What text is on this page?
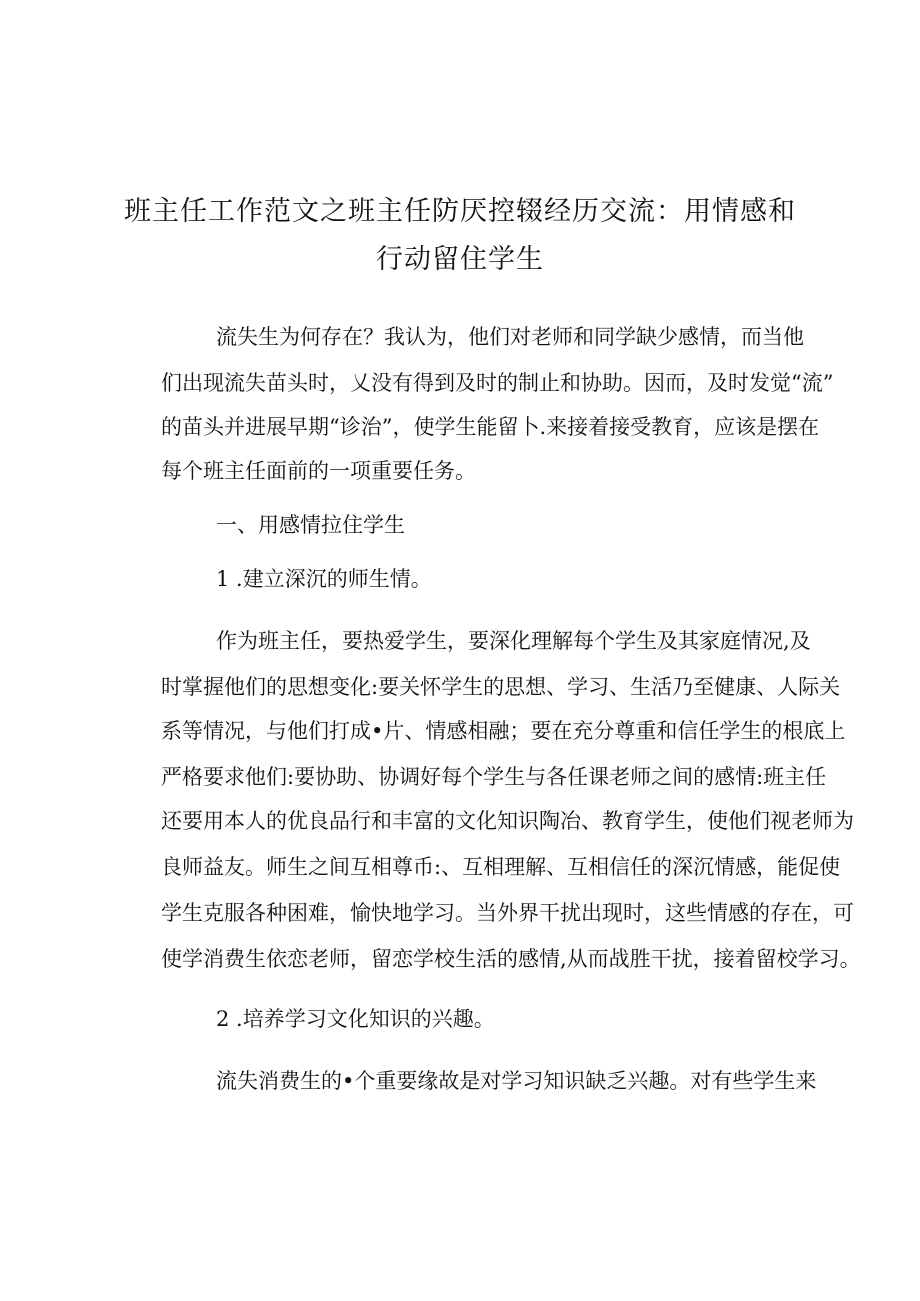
班主任工作范文之班主任防厌控辍经历交流：用情感和
行动留住学生

流失生为何存在？我认为，他们对老师和同学缺少感情，而当他

们出现流失苗头时，乂没有得到及时的制止和协助。因而，及时发觉“流”

的苗头并进展早期“诊治”，使学生能留卜.来接着接受教育，应该是摆在

每个班主任面前的一项重要任务。

一、用感情拉住学生

1 .建立深沉的师生情。

作为班主任，要热爱学生，要深化理解每个学生及其家庭情况,及

时掌握他们的思想变化:要关怀学生的思想、学习、生活乃至健康、人际关

系等情况，与他们打成•片、情感相融；要在充分尊重和信任学生的根底上

严格要求他们:要协助、协调好每个学生与各任课老师之间的感情:班主任

还要用本人的优良品行和丰富的文化知识陶冶、教育学生，使他们视老师为

良师益友。师生之间互相尊币:、互相理解、互相信任的深沉情感，能促使

学生克服各种困难，愉快地学习。当外界干扰出现时，这些情感的存在，可

使学消费生依恋老师，留恋学校生活的感情,从而战胜干扰，接着留校学习。

2 .培养学习文化知识的兴趣。

流失消费生的•个重要缘故是对学习知识缺乏兴趣。对有些学生来
